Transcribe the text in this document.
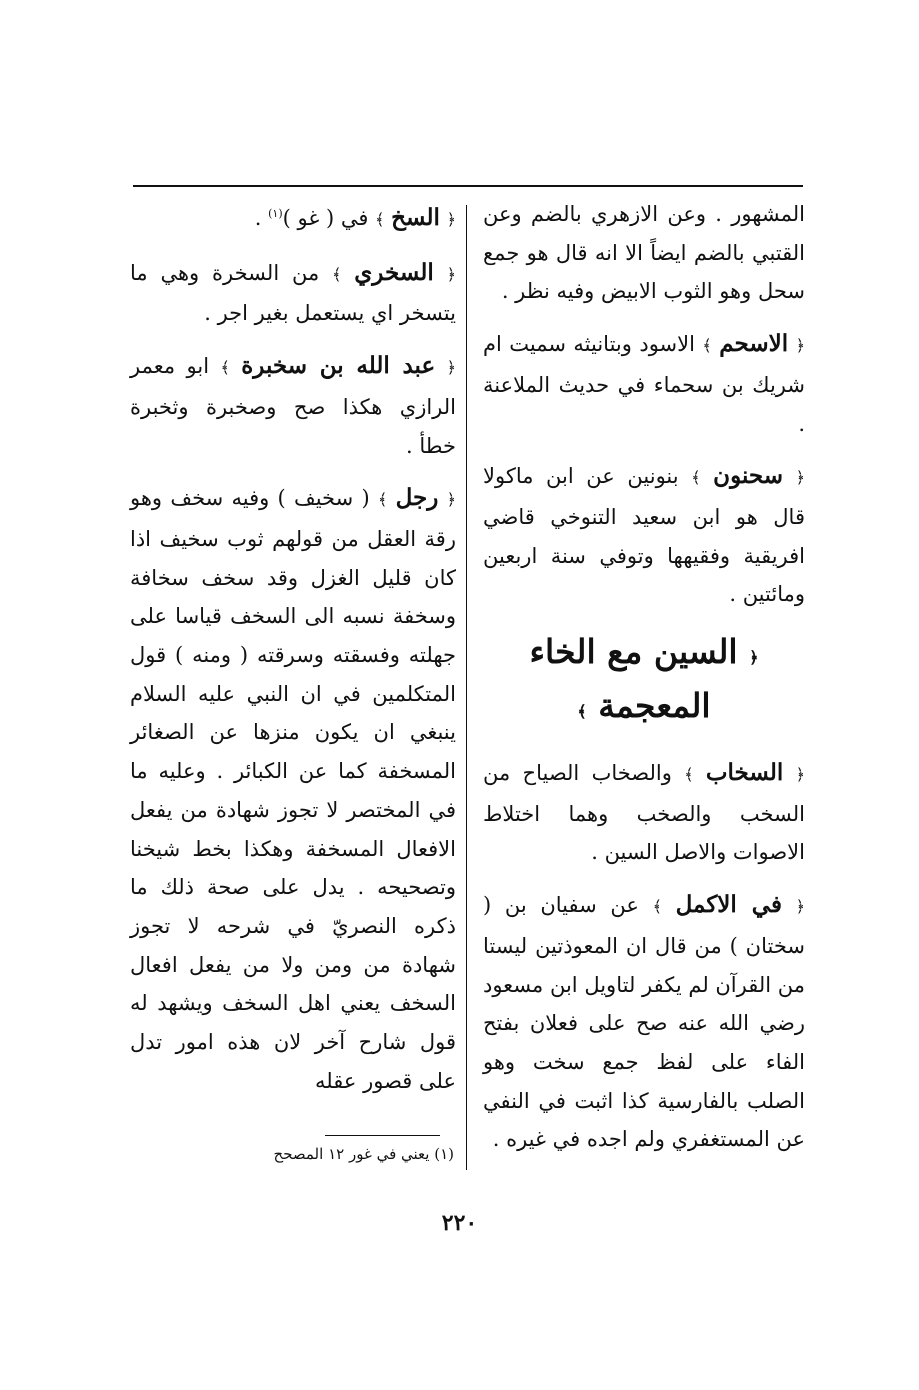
المشهور . وعن الازهري بالضم وعن القتبي بالضم ايضاً الا انه قال هو جمع سحل وهو الثوب الابيض وفيه نظر .

﴿ الاسحم ﴾ الاسود وبتانيثه سميت ام شريك بن سحماء في حديث الملاعنة .

﴿ سحنون ﴾ بنونين عن ابن ماكولا قال هو ابن سعيد التنوخي قاضي افريقية وفقيهها وتوفي سنة اربعين ومائتين .

﴿ السين مع الخاء المعجمة ﴾

﴿ السخاب ﴾ والصخاب الصياح من السخب والصخب وهما اختلاط الاصوات والاصل السين .

﴿ في الاكمل ﴾ عن سفيان بن ( سختان ) من قال ان المعوذتين ليستا من القرآن لم يكفر لتاويل ابن مسعود رضي الله عنه صح على فعلان بفتح الفاء على لفظ جمع سخت وهو الصلب بالفارسية كذا اثبت في النفي عن المستغفري ولم اجده في غيره .

﴿ السخ ﴾ في ( غو )$^{(١)}$ .

﴿ السخري ﴾ من السخرة وهي ما يتسخر اي يستعمل بغير اجر .

﴿ عبد الله بن سخبرة ﴾ ابو معمر الرازي هكذا صح وصخبرة وثخبرة خطأ .

﴿ رجل ﴾ ( سخيف ) وفيه سخف وهو رقة العقل من قولهم ثوب سخيف اذا كان قليل الغزل وقد سخف سخافة وسخفة نسبه الى السخف قياسا على جهلته وفسقته وسرقته ( ومنه ) قول المتكلمين في ان النبي عليه السلام ينبغي ان يكون منزها عن الصغائر المسخفة كما عن الكبائر . وعليه ما في المختصر لا تجوز شهادة من يفعل الافعال المسخفة وهكذا بخط شيخنا وتصحيحه . يدل على صحة ذلك ما ذكره النصريّ في شرحه لا تجوز شهادة من ومن ولا من يفعل افعال السخف يعني اهل السخف ويشهد له قول شارح آخر لان هذه امور تدل على قصور عقله

(١) يعني في غور ١٢ المصحح
٢٢٠
